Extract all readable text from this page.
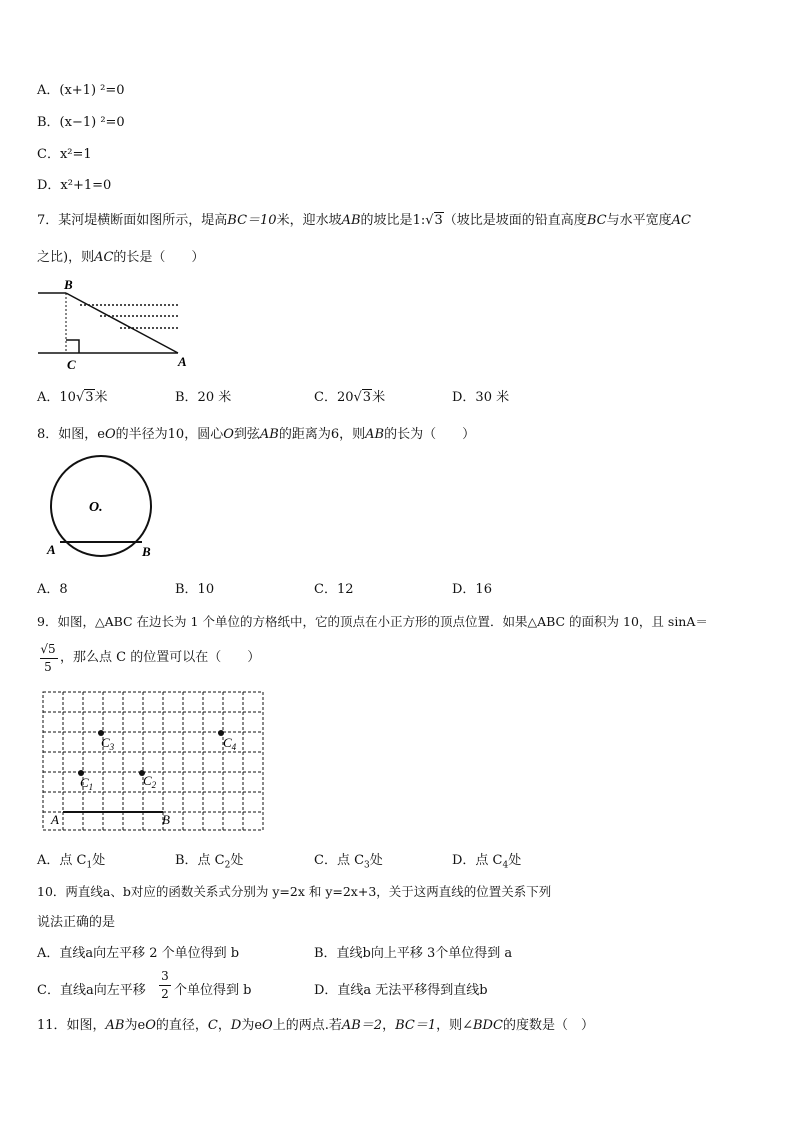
A．(x+1) ²=0
B．(x−1) ²=0
C．x²=1
D．x²+1=0
7．某河堤横断面如图所示，堤高BC＝10米，迎水坡AB的坡比是1:√3（坡比是坡面的铅直高度BC与水平宽度AC
之比)，则AC的长是（　　）
B
C	A
A．10√3米	B．20 米	C．20√3米	D．30 米
8．如图，eO的半径为10，圆心O到弦AB的距离为6，则AB的长为（　　）
O.
A	B
A．8	B．10	C．12	D．16
9．如图，△ABC 在边长为 1 个单位的方格纸中，它的顶点在小正方形的顶点位置．如果△ABC 的面积为 10，且 sinA＝
√5
5
，那么点 C 的位置可以在（　　）
$C_3$	$C_4$
$C_1$	$C_2$
A	B
A．点 $C_1$处	B．点 $C_2$处	C．点 $C_3$处	D．点 $C_4$处
10．两直线a、b对应的函数关系式分别为 y=2x 和 y=2x+3，关于这两直线的位置关系下列
说法正确的是
A．直线a向左平移 2 个单位得到 b	B．直线b向上平移 3个单位得到 a
C．直线a向左平移
3
2 个单位得到 b	D．直线a 无法平移得到直线b
11．如图，AB为eO的直径，C，D为eO上的两点.若AB＝2，BC＝1，则∠BDC的度数是（　）
